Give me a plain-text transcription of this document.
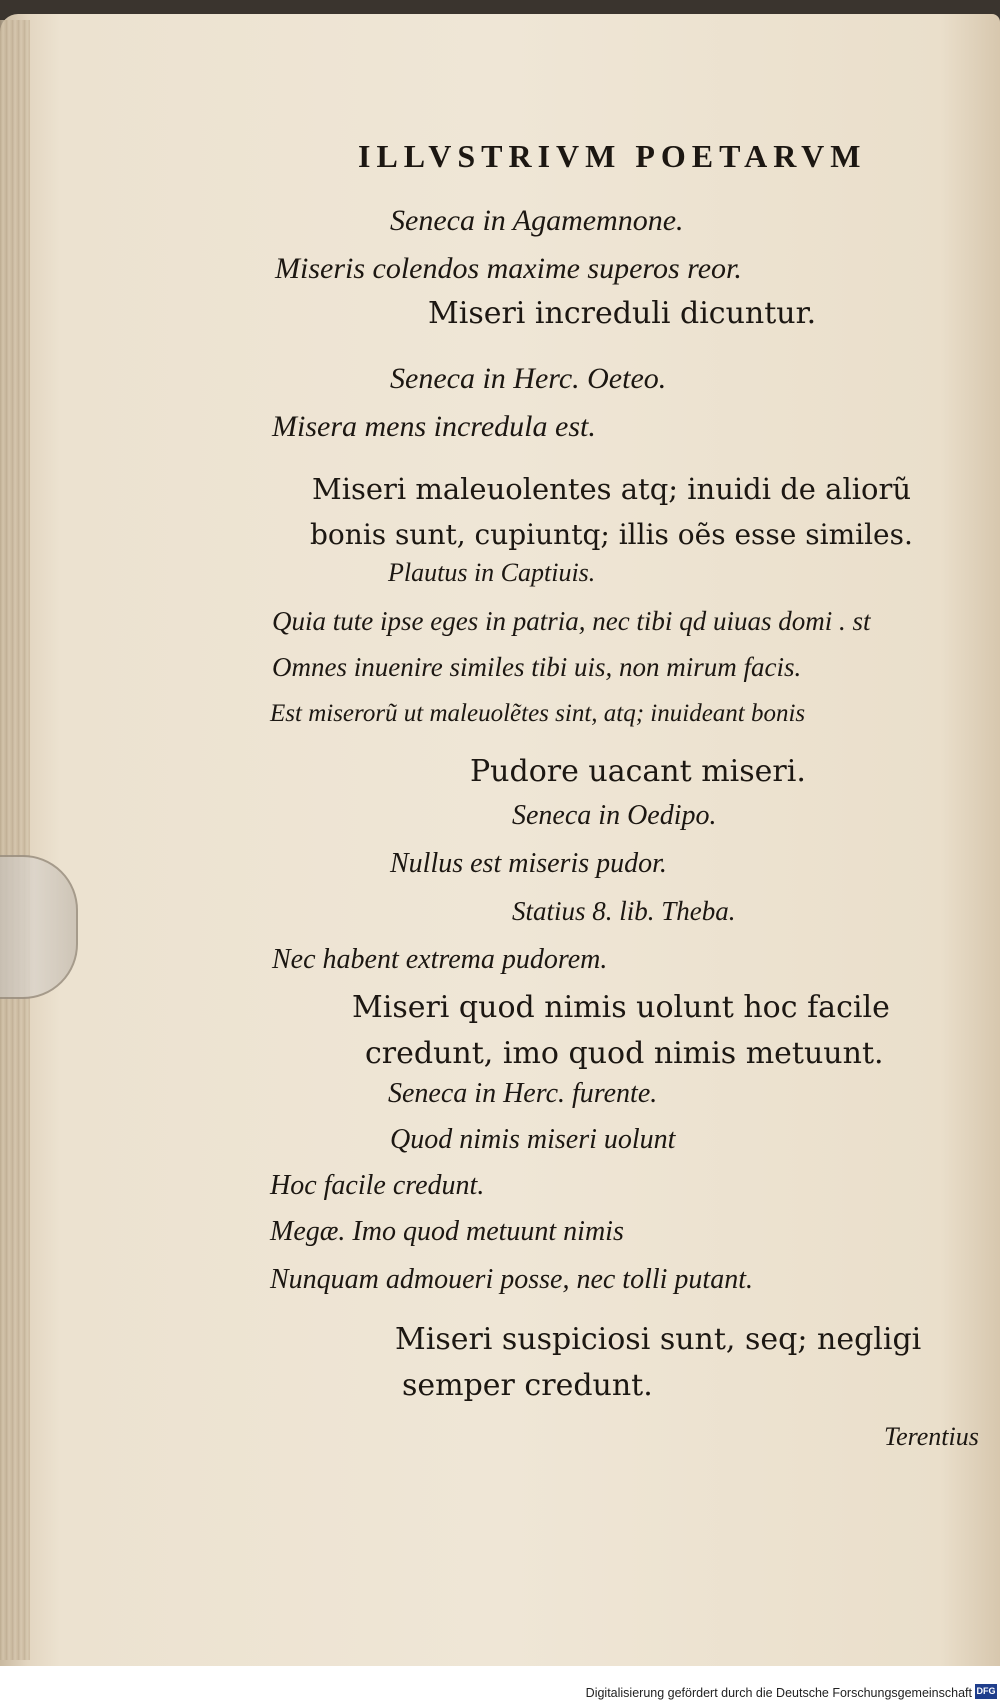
ILLVSTRIVM POETARVM
Seneca in Agamemnone.
Miseris colendos maxime superos reor.
Miseri increduli dicuntur.
Seneca in Herc. Oeteo.
Misera mens incredula est.
Miseri maleuolentes atq; inuidi de aliorũ
bonis sunt, cupiuntq; illis oẽs esse similes.
Plautus in Captiuis.
Quia tute ipse eges in patria, nec tibi qd uiuas domi . st
Omnes inuenire similes tibi uis, non mirum facis.
Est miserorũ ut maleuolẽtes sint, atq; inuideant bonis
Pudore uacant miseri.
Seneca in Oedipo.
Nullus est miseris pudor.
Statius 8. lib. Theba.
Nec habent extrema pudorem.
Miseri quod nimis uolunt hoc facile
credunt, imo quod nimis metuunt.
Seneca in Herc. furente.
Quod nimis miseri uolunt
Hoc facile credunt.
Megæ. Imo quod metuunt nimis
Nunquam admoueri posse, nec tolli putant.
Miseri suspiciosi sunt, seq; negligi
semper credunt.
Terentius
Digitalisierung gefördert durch die Deutsche Forschungsgemeinschaft DFG
